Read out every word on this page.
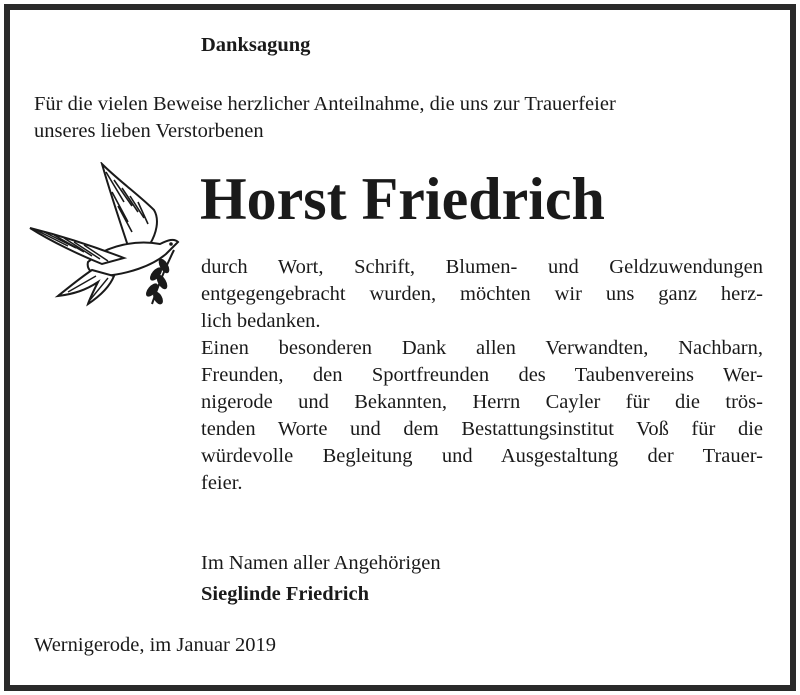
Danksagung
Für die vielen Beweise herzlicher Anteilnahme, die uns zur Trauerfeier
unseres lieben Verstorbenen
Horst Friedrich
durch Wort, Schrift, Blumen- und Geldzuwendungen
entgegengebracht wurden, möchten wir uns ganz herz-
lich bedanken.
Einen besonderen Dank allen Verwandten, Nachbarn,
Freunden, den Sportfreunden des Taubenvereins Wer-
nigerode und Bekannten, Herrn Cayler für die trös-
tenden Worte und dem Bestattungsinstitut Voß für die
würdevolle Begleitung und Ausgestaltung der Trauer-
feier.
Im Namen aller Angehörigen
Sieglinde Friedrich
Wernigerode, im Januar 2019
